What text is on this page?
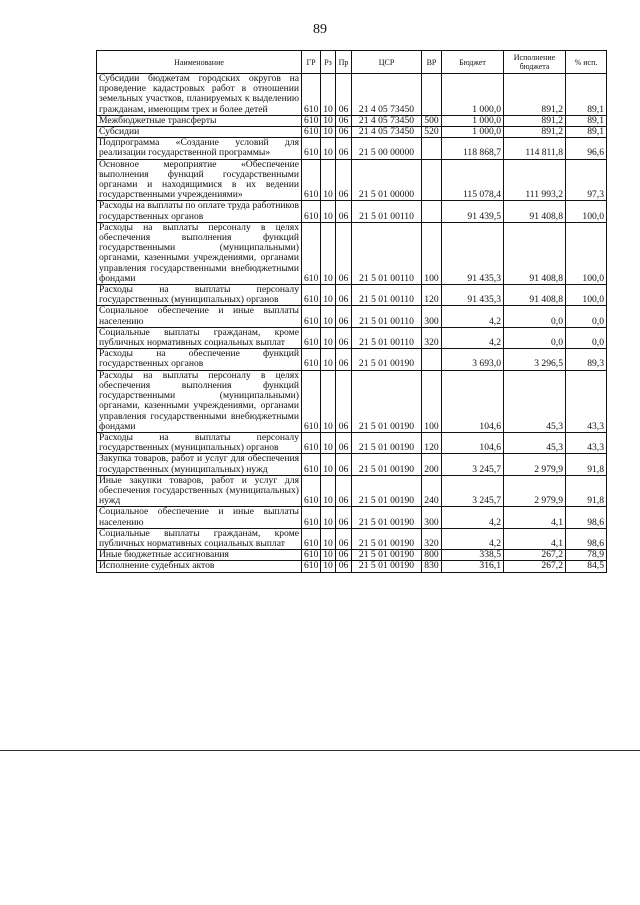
89
Наименование	ГР	Рз	Пр	ЦСР	ВР	Бюджет	Исполнение бюджета	% исп.
Субсидии бюджетам городских округов на проведение кадастровых работ в отношении земельных участков, планируемых к выделению гражданам, имеющим трех и более детей	610	10	06	21 4 05 73450		1 000,0	891,2	89,1
Межбюджетные трансферты	610	10	06	21 4 05 73450	500	1 000,0	891,2	89,1
Субсидии	610	10	06	21 4 05 73450	520	1 000,0	891,2	89,1
Подпрограмма «Создание условий для реализации государственной программы»	610	10	06	21 5 00 00000		118 868,7	114 811,8	96,6
Основное мероприятие «Обеспечение выполнения функций государственными органами и находящимися в их ведении государственными учреждениями»	610	10	06	21 5 01 00000		115 078,4	111 993,2	97,3
Расходы на выплаты по оплате труда работников государственных органов	610	10	06	21 5 01 00110		91 439,5	91 408,8	100,0
Расходы на выплаты персоналу в целях обеспечения выполнения функций государственными (муниципальными) органами, казенными учреждениями, органами управления государственными внебюджетными фондами	610	10	06	21 5 01 00110	100	91 435,3	91 408,8	100,0
Расходы на выплаты персоналу государственных (муниципальных) органов	610	10	06	21 5 01 00110	120	91 435,3	91 408,8	100,0
Социальное обеспечение и иные выплаты населению	610	10	06	21 5 01 00110	300	4,2	0,0	0,0
Социальные выплаты гражданам, кроме публичных нормативных социальных выплат	610	10	06	21 5 01 00110	320	4,2	0,0	0,0
Расходы на обеспечение функций государственных органов	610	10	06	21 5 01 00190		3 693,0	3 296,5	89,3
Расходы на выплаты персоналу в целях обеспечения выполнения функций государственными (муниципальными) органами, казенными учреждениями, органами управления государственными внебюджетными фондами	610	10	06	21 5 01 00190	100	104,6	45,3	43,3
Расходы на выплаты персоналу государственных (муниципальных) органов	610	10	06	21 5 01 00190	120	104,6	45,3	43,3
Закупка товаров, работ и услуг для обеспечения государственных (муниципальных) нужд	610	10	06	21 5 01 00190	200	3 245,7	2 979,9	91,8
Иные закупки товаров, работ и услуг для обеспечения государственных (муниципальных) нужд	610	10	06	21 5 01 00190	240	3 245,7	2 979,9	91,8
Социальное обеспечение и иные выплаты населению	610	10	06	21 5 01 00190	300	4,2	4,1	98,6
Социальные выплаты гражданам, кроме публичных нормативных социальных выплат	610	10	06	21 5 01 00190	320	4,2	4,1	98,6
Иные бюджетные ассигнования	610	10	06	21 5 01 00190	800	338,5	267,2	78,9
Исполнение судебных актов	610	10	06	21 5 01 00190	830	316,1	267,2	84,5
